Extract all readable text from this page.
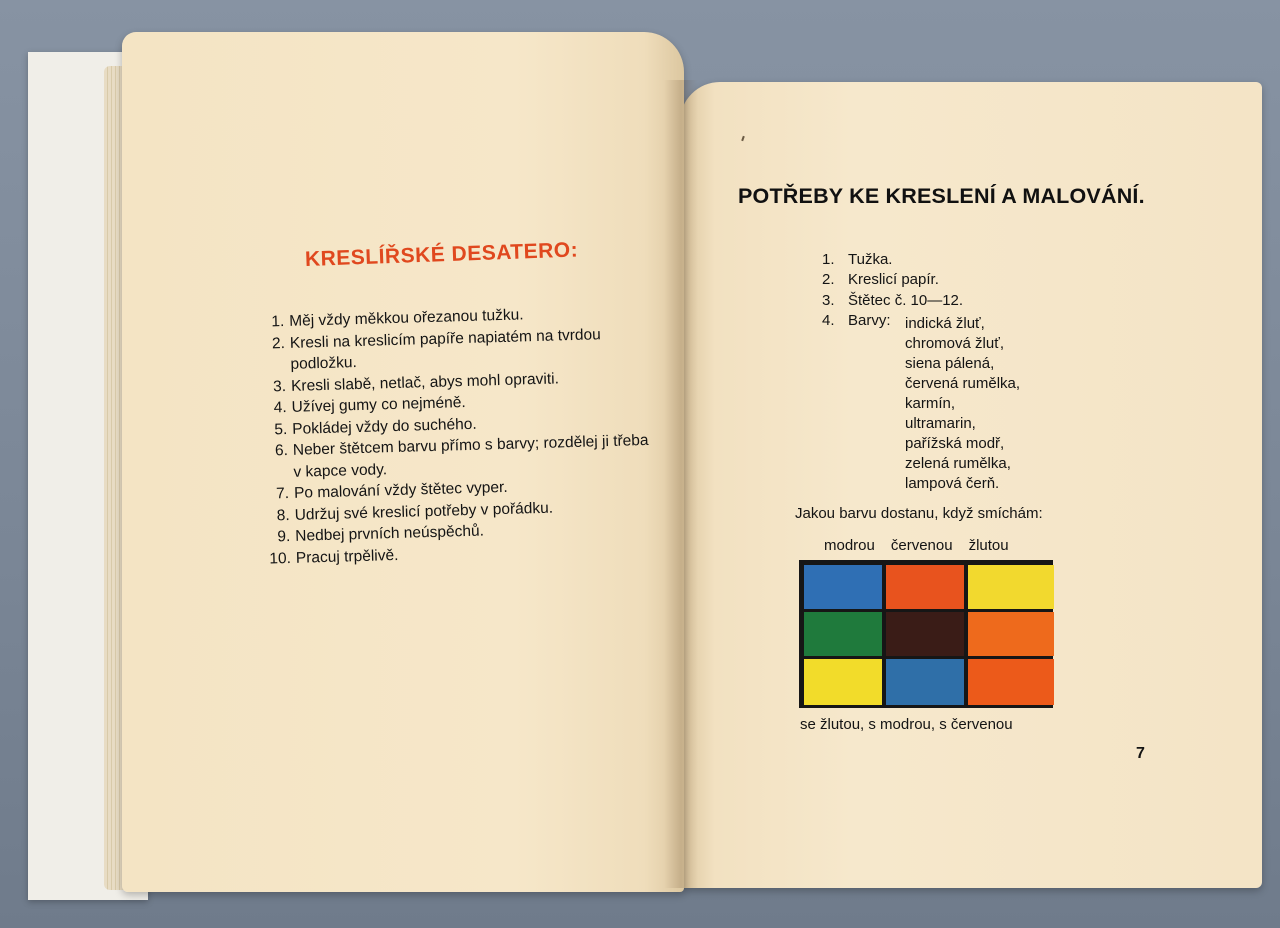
KRESLÍŘSKÉ DESATERO:
1. Měj vždy měkkou ořezanou tužku.
2. Kresli na kreslicím papíře napiatém na tvrdou podložku.
3. Kresli slabě, netlač, abys mohl opraviti.
4. Užívej gumy co nejméně.
5. Pokládej vždy do suchého.
6. Neber štětcem barvu přímo s barvy; rozdělej ji třeba v kapce vody.
7. Po malování vždy štětec vyper.
8. Udržuj své kreslicí potřeby v pořádku.
9. Nedbej prvních neúspěchů.
10. Pracuj trpělivě.
POTŘEBY KE KRESLENÍ A MALOVÁNÍ.
1. Tužka.
2. Kreslicí papír.
3. Štětec č. 10—12.
4. Barvy: indická žluť,
chromová žluť,
siena pálená,
červená rumělka,
karmín,
ultramarin,
pařížská modř,
zelená rumělka,
lampová čerň.
Jakou barvu dostanu, když smíchám:
modrou červenou žlutou
se žlutou, s modrou, s červenou
7
